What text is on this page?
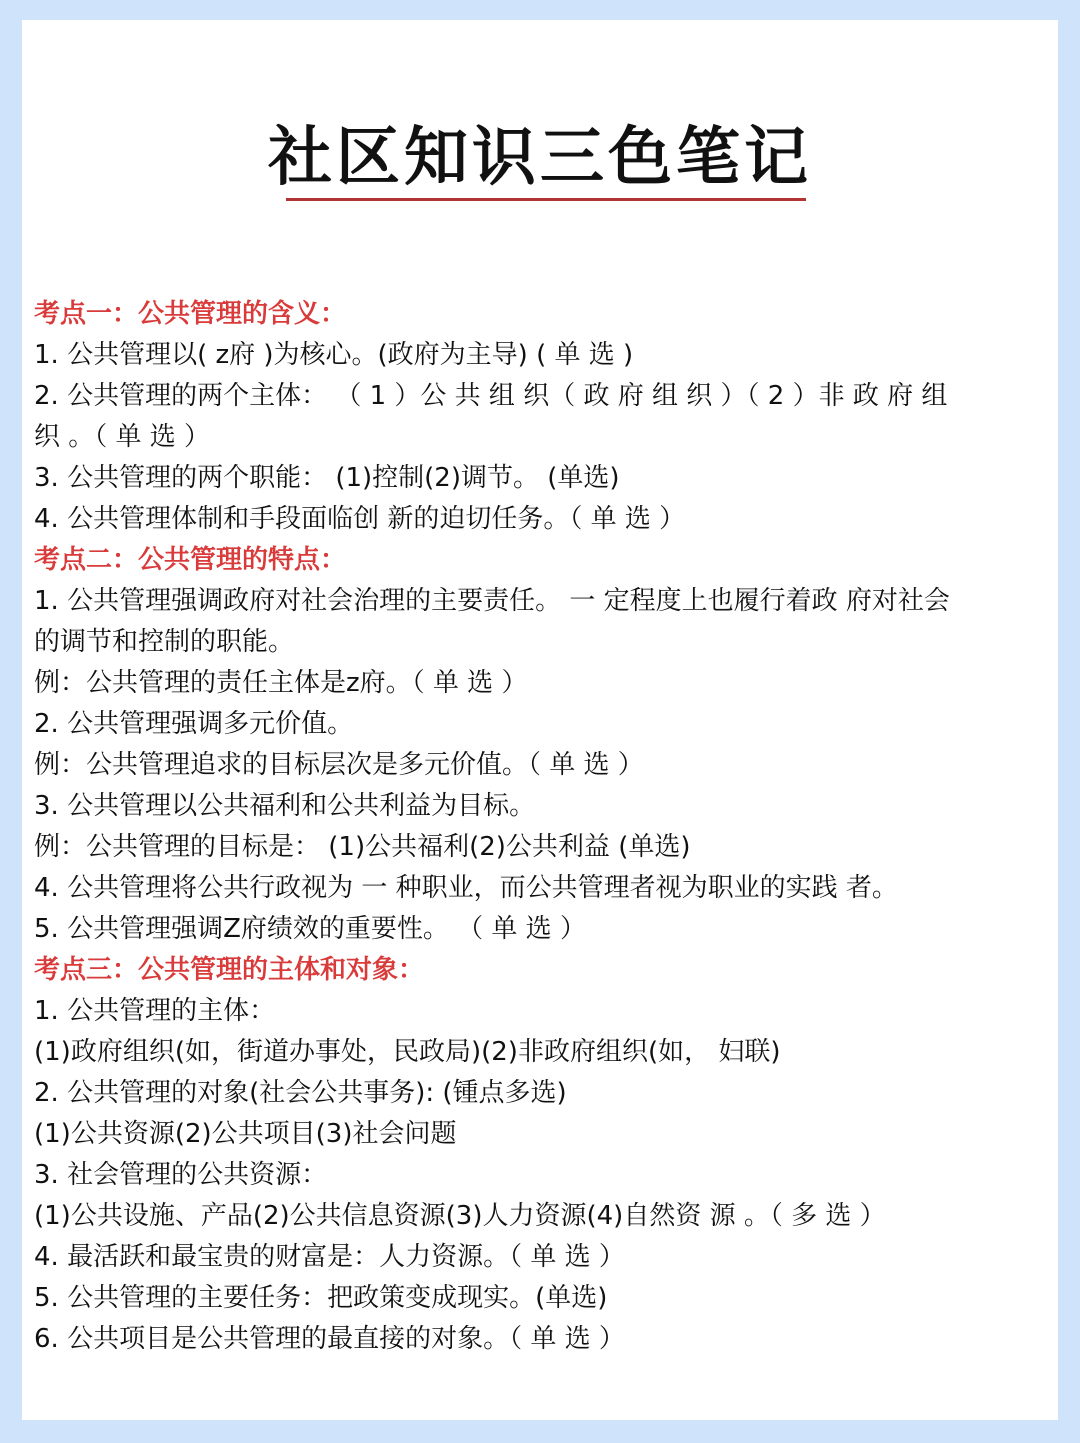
社区知识三色笔记
考点一：公共管理的含义：
1. 公共管理以( z府 )为核心。(政府为主导) ( 单 选 )
2. 公共管理的两个主体： （ 1 ）公 共 组 织（ 政 府 组 织 ）（ 2 ）非 政 府 组
织 。（ 单 选 ）
3. 公共管理的两个职能： (1)控制(2)调节。 (单选)
4. 公共管理体制和手段面临创 新的迫切任务。（ 单 选 ）
考点二：公共管理的特点：
1. 公共管理强调政府对社会治理的主要责任。 一 定程度上也履行着政 府对社会
的调节和控制的职能。
例：公共管理的责任主体是z府。（ 单 选 ）
2. 公共管理强调多元价值。
例：公共管理追求的目标层次是多元价值。（ 单 选 ）
3. 公共管理以公共福利和公共利益为目标。
例：公共管理的目标是： (1)公共福利(2)公共利益 (单选)
4. 公共管理将公共行政视为 一 种职业，而公共管理者视为职业的实践 者。
5. 公共管理强调Z府绩效的重要性。 （ 单 选 ）
考点三：公共管理的主体和对象：
1. 公共管理的主体：
(1)政府组织(如，街道办事处，民政局)(2)非政府组织(如， 妇联)
2. 公共管理的对象(社会公共事务): (锺点多选)
(1)公共资源(2)公共项目(3)社会问题
3. 社会管理的公共资源：
(1)公共设施、产品(2)公共信息资源(3)人力资源(4)自然资 源 。（ 多 选 ）
4. 最活跃和最宝贵的财富是：人力资源。（ 单 选 ）
5. 公共管理的主要任务：把政策变成现实。(单选)
6. 公共项目是公共管理的最直接的对象。（ 单 选 ）
